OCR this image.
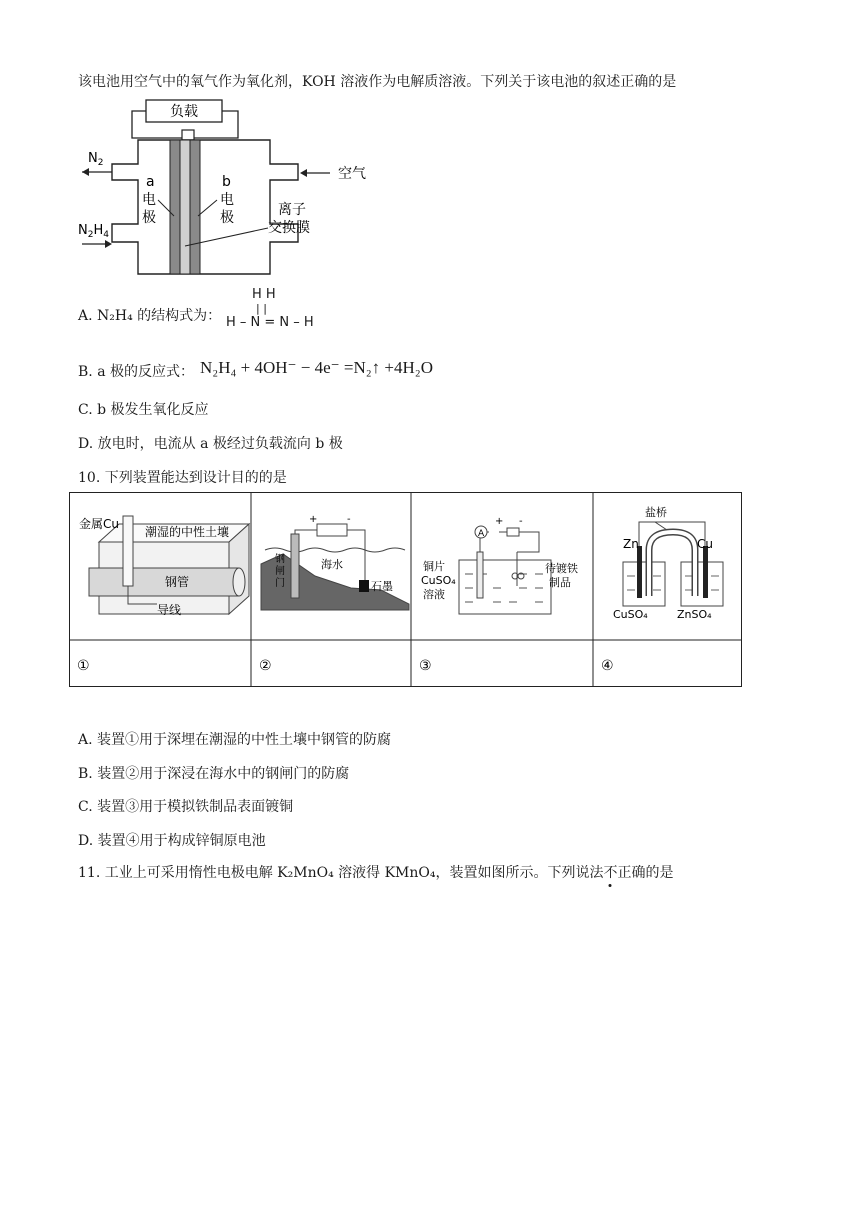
该电池用空气中的氧气作为氧化剂，KOH 溶液作为电解质溶液。下列关于该电池的叙述正确的是
负载
$N_2$
$N_2H_4$
空气
a
电
极
b
电
极	离子
交换膜
A. N₂H₄ 的结构式为：
H H
| |
H – N = N – H
B. a 极的反应式： N₂H₄ + 4OH⁻ − 4e⁻ =N₂↑ +4H₂O
C. b 极发生氧化反应
D. 放电时，电流从 a 极经过负载流向 b 极
10. 下列装置能达到设计目的的是
金属Cu
潮湿的中性土壤
钢管
导线
+	-
钢
闸
门
海水
石墨
A
+ -
铜片
CuSO₄
溶液
待镀铁
制品
盐桥
Zn	Cu
CuSO₄	ZnSO₄
①	②	③	④
A. 装置①用于深埋在潮湿的中性土壤中钢管的防腐
B. 装置②用于深浸在海水中的钢闸门的防腐
C. 装置③用于模拟铁制品表面镀铜
D. 装置④用于构成锌铜原电池
11. 工业上可采用惰性电极电解 K₂MnO₄ 溶液得 KMnO₄，装置如图所示。下列说法不正确的是
